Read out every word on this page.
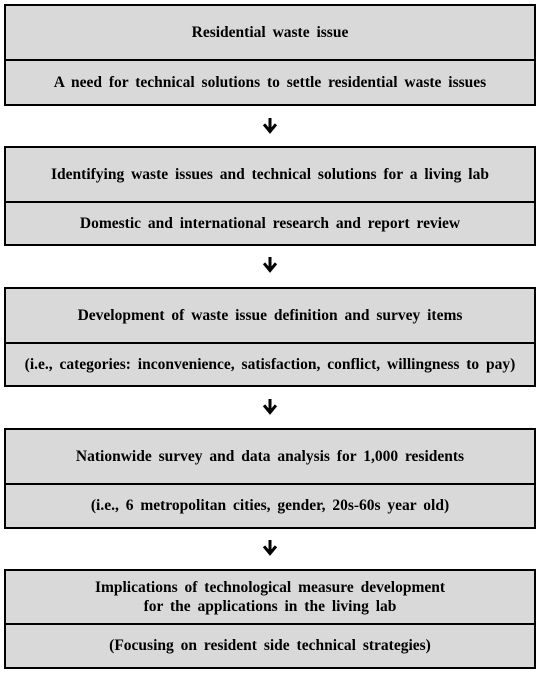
Residential waste issue
A need for technical solutions to settle residential waste issues
Identifying waste issues and technical solutions for a living lab
Domestic and international research and report review
Development of waste issue definition and survey items
(i.e., categories: inconvenience, satisfaction, conflict, willingness to pay)
Nationwide survey and data analysis for 1,000 residents
(i.e., 6 metropolitan cities, gender, 20s-60s year old)
Implications of technological measure development
for the applications in the living lab
(Focusing on resident side technical strategies)
